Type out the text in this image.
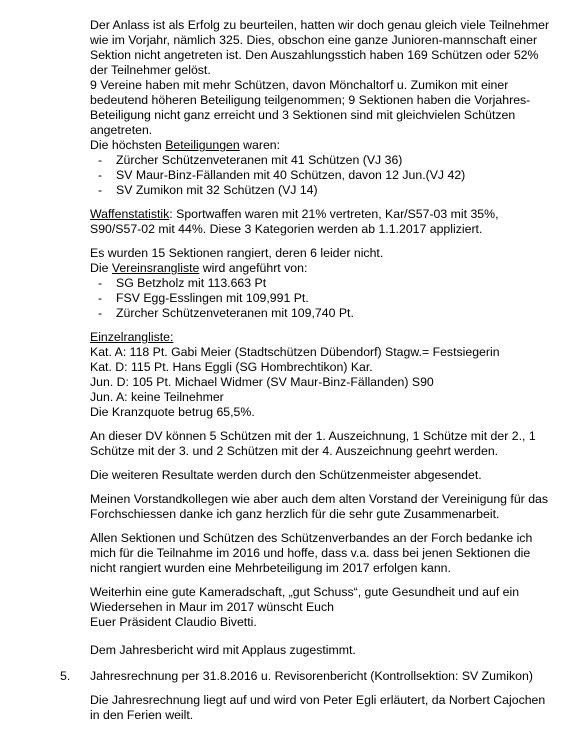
Der Anlass ist als Erfolg zu beurteilen, hatten wir doch genau gleich viele Teilnehmer wie im Vorjahr, nämlich 325. Dies, obschon eine ganze Junioren-mannschaft einer Sektion nicht angetreten ist. Den Auszahlungsstich haben 169 Schützen oder 52% der Teilnehmer gelöst.

9 Vereine haben mit mehr Schützen, davon Mönchaltorf u. Zumikon mit einer bedeutend höheren Beteiligung teilgenommen; 9 Sektionen haben die Vorjahres-Beteiligung nicht ganz erreicht und 3 Sektionen sind mit gleichvielen Schützen angetreten.

Die höchsten Beteiligungen waren:

- Zürcher Schützenveteranen mit 41 Schützen (VJ 36)
- SV Maur-Binz-Fällanden mit 40 Schützen, davon 12 Jun.(VJ 42)
- SV Zumikon mit 32 Schützen (VJ 14)

Waffenstatistik: Sportwaffen waren mit 21% vertreten, Kar/S57-03 mit 35%, S90/S57-02 mit 44%. Diese 3 Kategorien werden ab 1.1.2017 appliziert.

Es wurden 15 Sektionen rangiert, deren 6 leider nicht.

Die Vereinsrangliste wird angeführt von:

- SG Betzholz mit 113.663 Pt
- FSV Egg-Esslingen mit 109,991 Pt.
- Zürcher Schützenveteranen mit 109,740 Pt.

Einzelrangliste:

Kat. A: 118 Pt. Gabi Meier (Stadtschützen Dübendorf) Stagw.= Festsiegerin

Kat. D: 115 Pt. Hans Eggli (SG Hombrechtikon) Kar.

Jun. D: 105 Pt. Michael Widmer (SV Maur-Binz-Fällanden) S90

Jun. A: keine Teilnehmer

Die Kranzquote betrug 65,5%.

An dieser DV können 5 Schützen mit der 1. Auszeichnung, 1 Schütze mit der 2., 1 Schütze mit der 3. und 2 Schützen mit der 4. Auszeichnung geehrt werden.

Die weiteren Resultate werden durch den Schützenmeister abgesendet.

Meinen Vorstandkollegen wie aber auch dem alten Vorstand der Vereinigung für das Forchschiessen danke ich ganz herzlich für die sehr gute Zusammenarbeit.

Allen Sektionen und Schützen des Schützenverbandes an der Forch bedanke ich mich für die Teilnahme im 2016 und hoffe, dass v.a. dass bei jenen Sektionen die nicht rangiert wurden eine Mehrbeteiligung im 2017 erfolgen kann.

Weiterhin eine gute Kameradschaft, „gut Schuss“, gute Gesundheit und auf ein

Wiedersehen in Maur im 2017 wünscht Euch

Euer Präsident Claudio Bivetti.

Dem Jahresbericht wird mit Applaus zugestimmt.

5. Jahresrechnung per 31.8.2016 u. Revisorenbericht (Kontrollsektion: SV Zumikon)

Die Jahresrechnung liegt auf und wird von Peter Egli erläutert, da Norbert Cajochen in den Ferien weilt.
